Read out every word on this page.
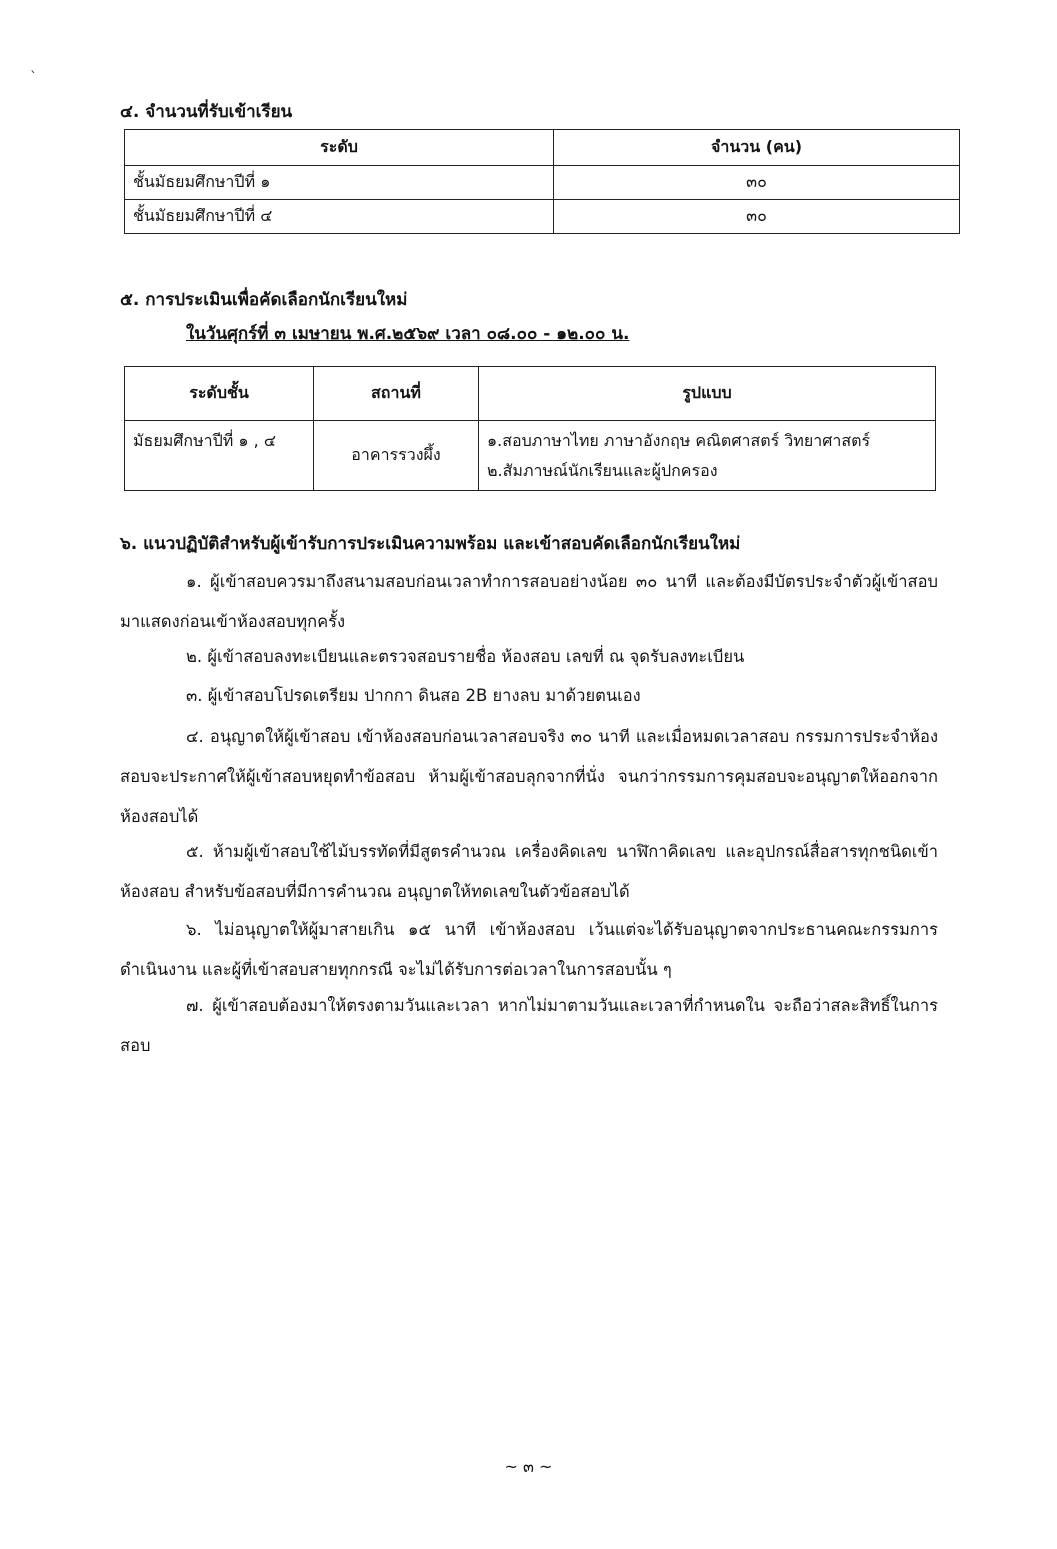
`
๔. จำนวนที่รับเข้าเรียน
ระดับ	จำนวน (คน)
ชั้นมัธยมศึกษาปีที่ ๑	๓๐
ชั้นมัธยมศึกษาปีที่ ๔	๓๐
๕. การประเมินเพื่อคัดเลือกนักเรียนใหม่
ในวันศุกร์ที่ ๓ เมษายน พ.ศ.๒๕๖๙ เวลา ๐๘.๐๐ - ๑๒.๐๐ น.
ระดับชั้น	สถานที่	รูปแบบ
มัธยมศึกษาปีที่ ๑ , ๔	อาคารรวงผึ้ง	๑.สอบภาษาไทย ภาษาอังกฤษ คณิตศาสตร์ วิทยาศาสตร์
๒.สัมภาษณ์นักเรียนและผู้ปกครอง
๖. แนวปฏิบัติสำหรับผู้เข้ารับการประเมินความพร้อม และเข้าสอบคัดเลือกนักเรียนใหม่
๑. ผู้เข้าสอบควรมาถึงสนามสอบก่อนเวลาทำการสอบอย่างน้อย ๓๐ นาที และต้องมีบัตรประจำตัวผู้เข้าสอบ มาแสดงก่อนเข้าห้องสอบทุกครั้ง
๒. ผู้เข้าสอบลงทะเบียนและตรวจสอบรายชื่อ ห้องสอบ เลขที่ ณ จุดรับลงทะเบียน
๓. ผู้เข้าสอบโปรดเตรียม ปากกา ดินสอ 2B ยางลบ มาด้วยตนเอง
๔. อนุญาตให้ผู้เข้าสอบ เข้าห้องสอบก่อนเวลาสอบจริง ๓๐ นาที และเมื่อหมดเวลาสอบ กรรมการประจำห้องสอบจะประกาศให้ผู้เข้าสอบหยุดทำข้อสอบ ห้ามผู้เข้าสอบลุกจากที่นั่ง จนกว่ากรรมการคุมสอบจะอนุญาตให้ออกจากห้องสอบได้
๕. ห้ามผู้เข้าสอบใช้ไม้บรรทัดที่มีสูตรคำนวณ เครื่องคิดเลข นาฬิกาคิดเลข และอุปกรณ์สื่อสารทุกชนิดเข้าห้องสอบ สำหรับข้อสอบที่มีการคำนวณ อนุญาตให้ทดเลขในตัวข้อสอบได้
๖. ไม่อนุญาตให้ผู้มาสายเกิน ๑๕ นาที เข้าห้องสอบ เว้นแต่จะได้รับอนุญาตจากประธานคณะกรรมการดำเนินงาน และผู้ที่เข้าสอบสายทุกกรณี จะไม่ได้รับการต่อเวลาในการสอบนั้น ๆ
๗. ผู้เข้าสอบต้องมาให้ตรงตามวันและเวลา หากไม่มาตามวันและเวลาที่กำหนดใน จะถือว่าสละสิทธิ์ในการสอบ
~ ๓ ~
